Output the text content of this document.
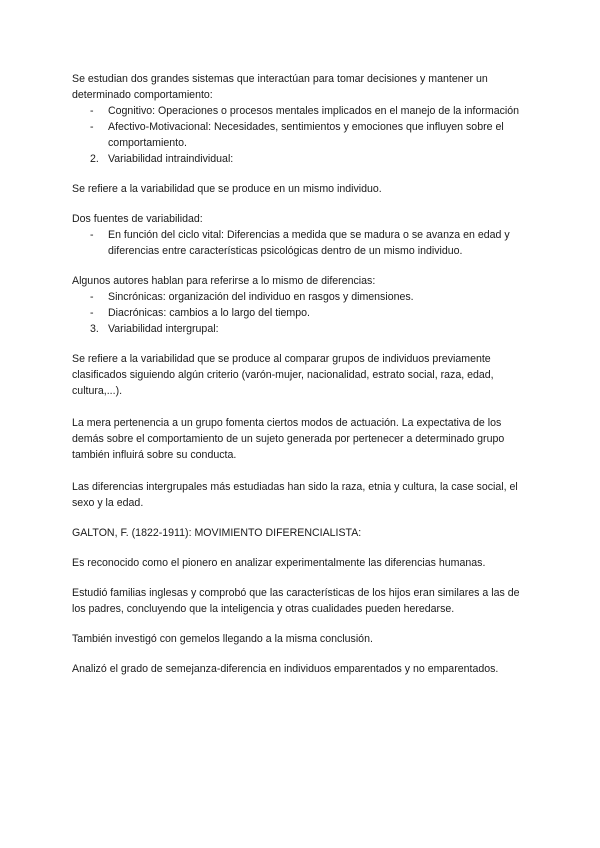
Se estudian dos grandes sistemas que interactúan para tomar decisiones y mantener un determinado comportamiento:

- Cognitivo: Operaciones o procesos mentales implicados en el manejo de la información
- Afectivo-Motivacional: Necesidades, sentimientos y emociones que influyen sobre el comportamiento.
2. Variabilidad intraindividual:

Se refiere a la variabilidad que se produce en un mismo individuo.

Dos fuentes de variabilidad:

- En función del ciclo vital: Diferencias a medida que se madura o se avanza en edad y diferencias entre características psicológicas dentro de un mismo individuo.

Algunos autores hablan para referirse a lo mismo de diferencias:

- Sincrónicas: organización del individuo en rasgos y dimensiones.
- Diacrónicas: cambios a lo largo del tiempo.
3. Variabilidad intergrupal:

Se refiere a la variabilidad que se produce al comparar grupos de individuos previamente clasificados siguiendo algún criterio (varón-mujer, nacionalidad, estrato social, raza, edad, cultura,...).

La mera pertenencia a un grupo fomenta ciertos modos de actuación. La expectativa de los demás sobre el comportamiento de un sujeto generada por pertenecer a determinado grupo también influirá sobre su conducta.

Las diferencias intergrupales más estudiadas han sido la raza, etnia y cultura, la case social, el sexo y la edad.

GALTON, F. (1822-1911): MOVIMIENTO DIFERENCIALISTA:

Es reconocido como el pionero en analizar experimentalmente las diferencias humanas.

Estudió familias inglesas y comprobó que las características de los hijos eran similares a las de los padres, concluyendo que la inteligencia y otras cualidades pueden heredarse.

También investigó con gemelos llegando a la misma conclusión.

Analizó el grado de semejanza-diferencia en individuos emparentados y no emparentados.
